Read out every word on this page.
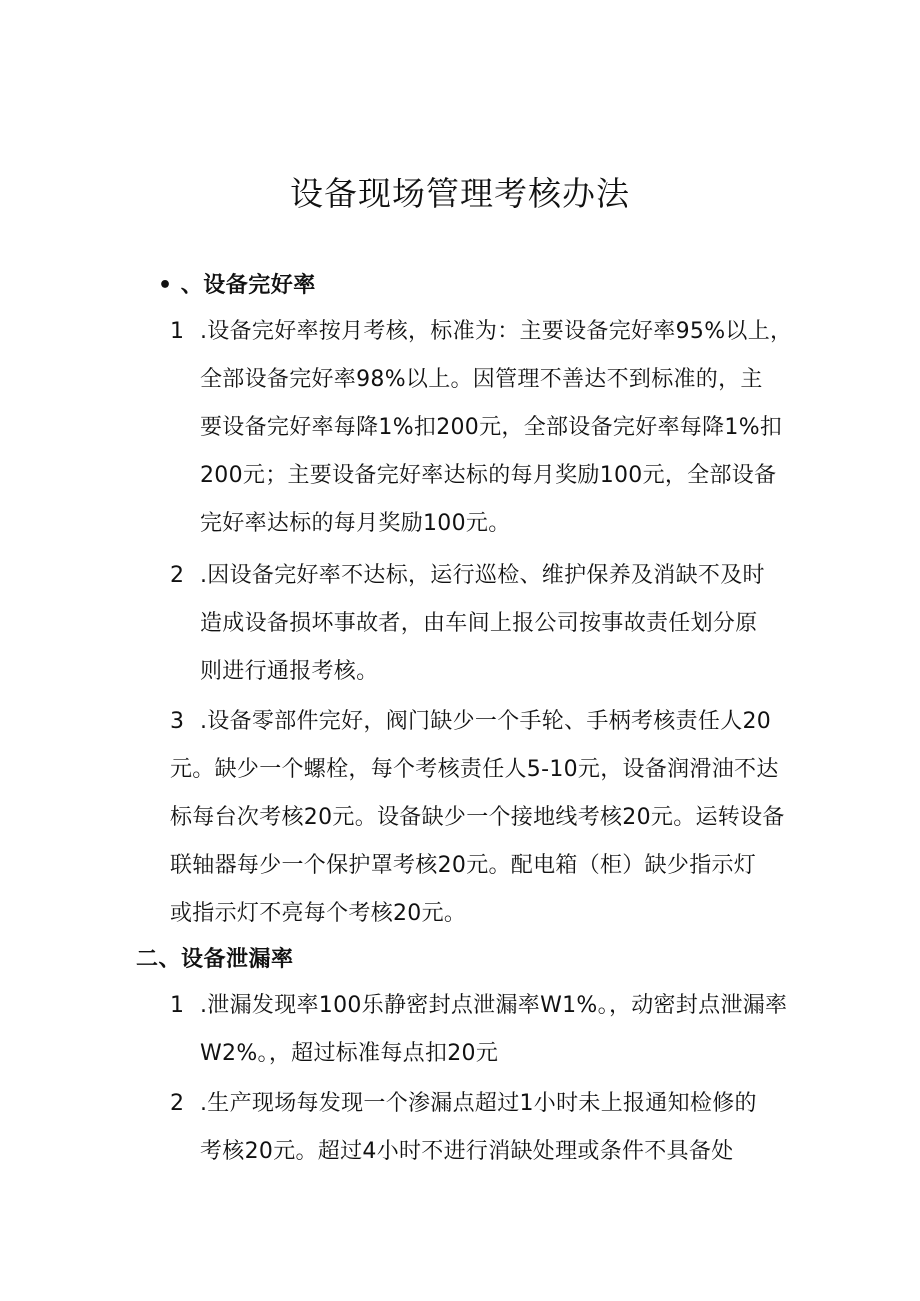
设备现场管理考核办法
• 、设备完好率
1 .设备完好率按月考核，标准为：主要设备完好率95%以上，
全部设备完好率98%以上。因管理不善达不到标准的，主
要设备完好率每降1%扣200元，全部设备完好率每降1%扣
200元；主要设备完好率达标的每月奖励100元，全部设备
完好率达标的每月奖励100元。
2 .因设备完好率不达标，运行巡检、维护保养及消缺不及时
造成设备损坏事故者，由车间上报公司按事故责任划分原
则进行通报考核。
3 .设备零部件完好，阀门缺少一个手轮、手柄考核责任人20
元。缺少一个螺栓，每个考核责任人5-10元，设备润滑油不达
标每台次考核20元。设备缺少一个接地线考核20元。运转设备
联轴器每少一个保护罩考核20元。配电箱（柜）缺少指示灯
或指示灯不亮每个考核20元。
二、设备泄漏率
1 .泄漏发现率100乐静密封点泄漏率W1%。，动密封点泄漏率
W2%。，超过标准每点扣20元
2 .生产现场每发现一个渗漏点超过1小时未上报通知检修的
考核20元。超过4小时不进行消缺处理或条件不具备处
